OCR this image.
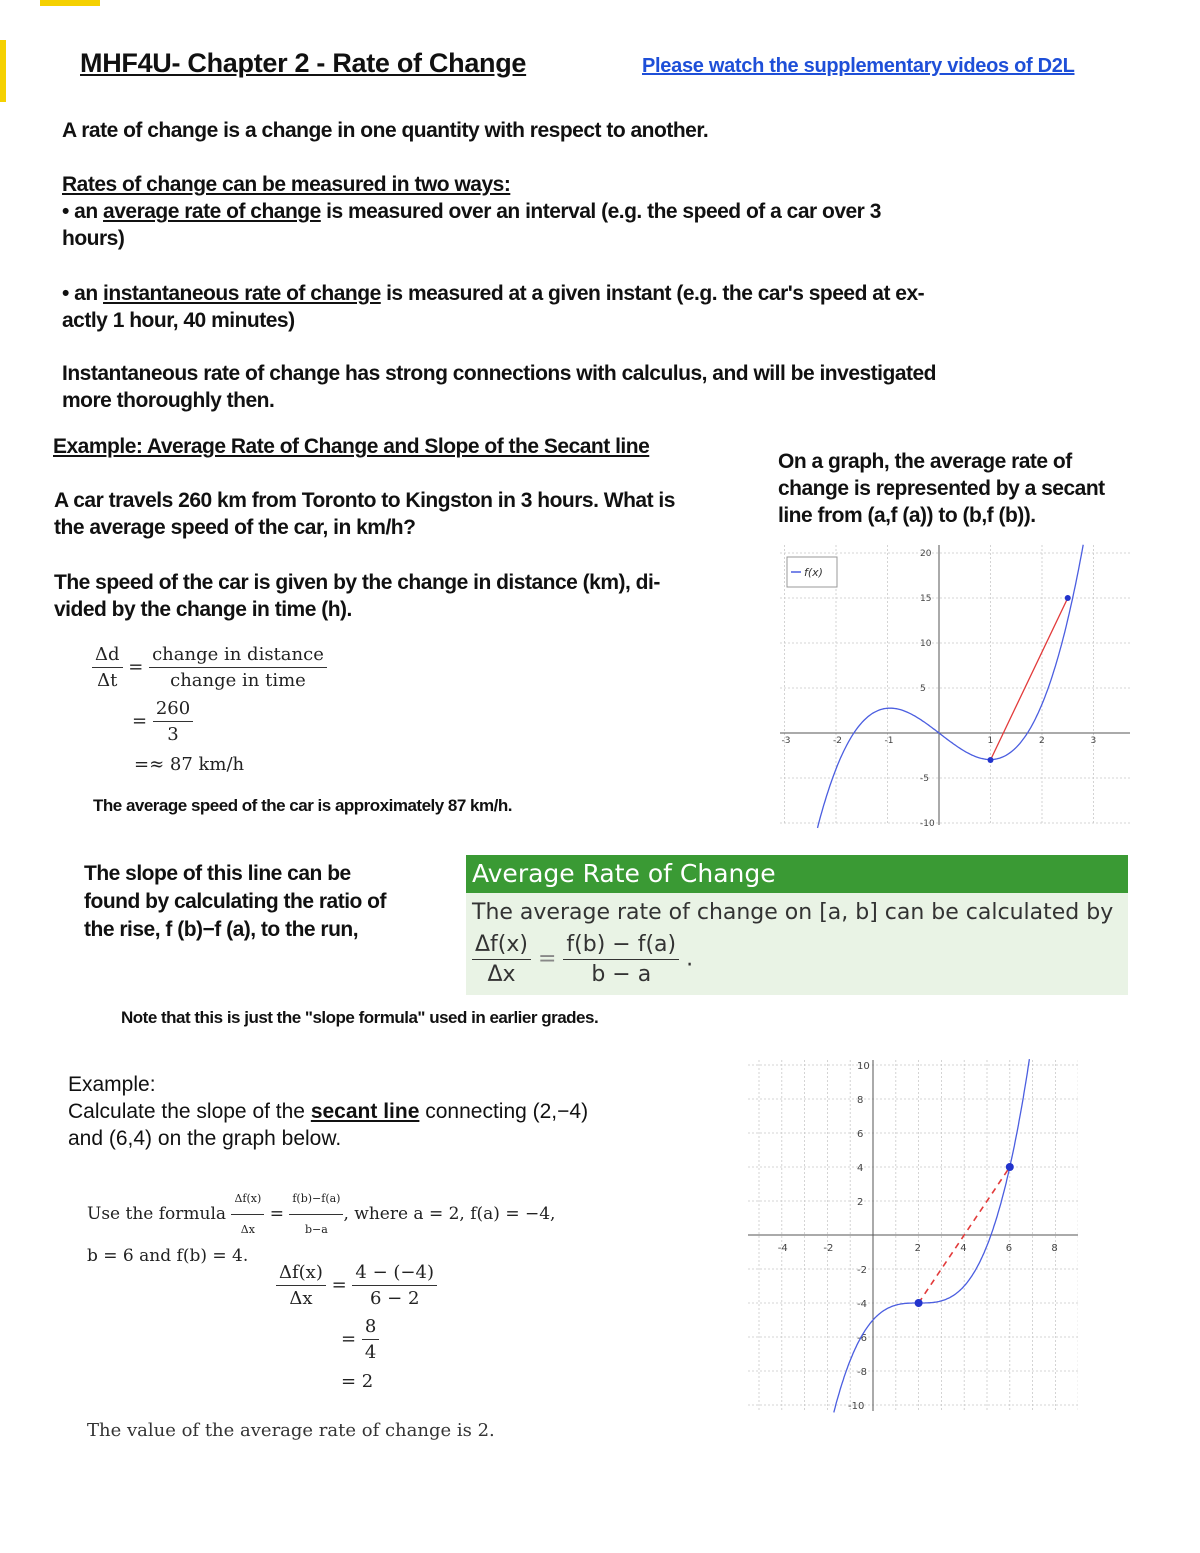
MHF4U- Chapter 2 - Rate of Change	Please watch the supplementary videos of D2L
A rate of change is a change in one quantity with respect to another.
Rates of change can be measured in two ways:
• an average rate of change is measured over an interval (e.g. the speed of a car over 3
hours)
• an instantaneous rate of change is measured at a given instant (e.g. the car's speed at ex-
actly 1 hour, 40 minutes)
Instantaneous rate of change has strong connections with calculus, and will be investigated
more thoroughly then.
Example: Average Rate of Change and Slope of the Secant line
A car travels 260 km from Toronto to Kingston in 3 hours. What is
the average speed of the car, in km/h?
The speed of the car is given by the change in distance (km), di-
vided by the change in time (h).
$\frac{\Delta d}{\Delta t} = \frac{\text{change in distance}}{\text{change in time}}$
= $\frac{260}{3}$
=≈ 87 km/h
The average speed of the car is approximately 87 km/h.
On a graph, the average rate of
change is represented by a secant
line from (a,f (a)) to (b,f (b)).
-3	-2	-1	1	2	3
20
15
10
5
-5
-10
f(x)
The slope of this line can be
found by calculating the ratio of
the rise, f (b)−f (a), to the run,
Average Rate of Change
The average rate of change on [a, b] can be calculated by
$\frac{\Delta f(x)}{\Delta x} = \frac{f(b) - f(a)}{b - a}$ .
Note that this is just the "slope formula" used in earlier grades.
Example:
Calculate the slope of the secant line connecting (2,−4)
and (6,4) on the graph below.
Use the formula $\frac{\Delta f(x)}{\Delta x} = \frac{f(b)-f(a)}{b-a}$ , where a = 2, f(a) = −4,
b = 6 and f(b) = 4.
$\frac{\Delta f(x)}{\Delta x} = \frac{4 - (-4)}{6 - 2}$
= $\frac{8}{4}$
= 2
The value of the average rate of change is 2.
-4	-2	2	4	6	8
10
8
6
4
2
-2
-4
-6
-8
-10
